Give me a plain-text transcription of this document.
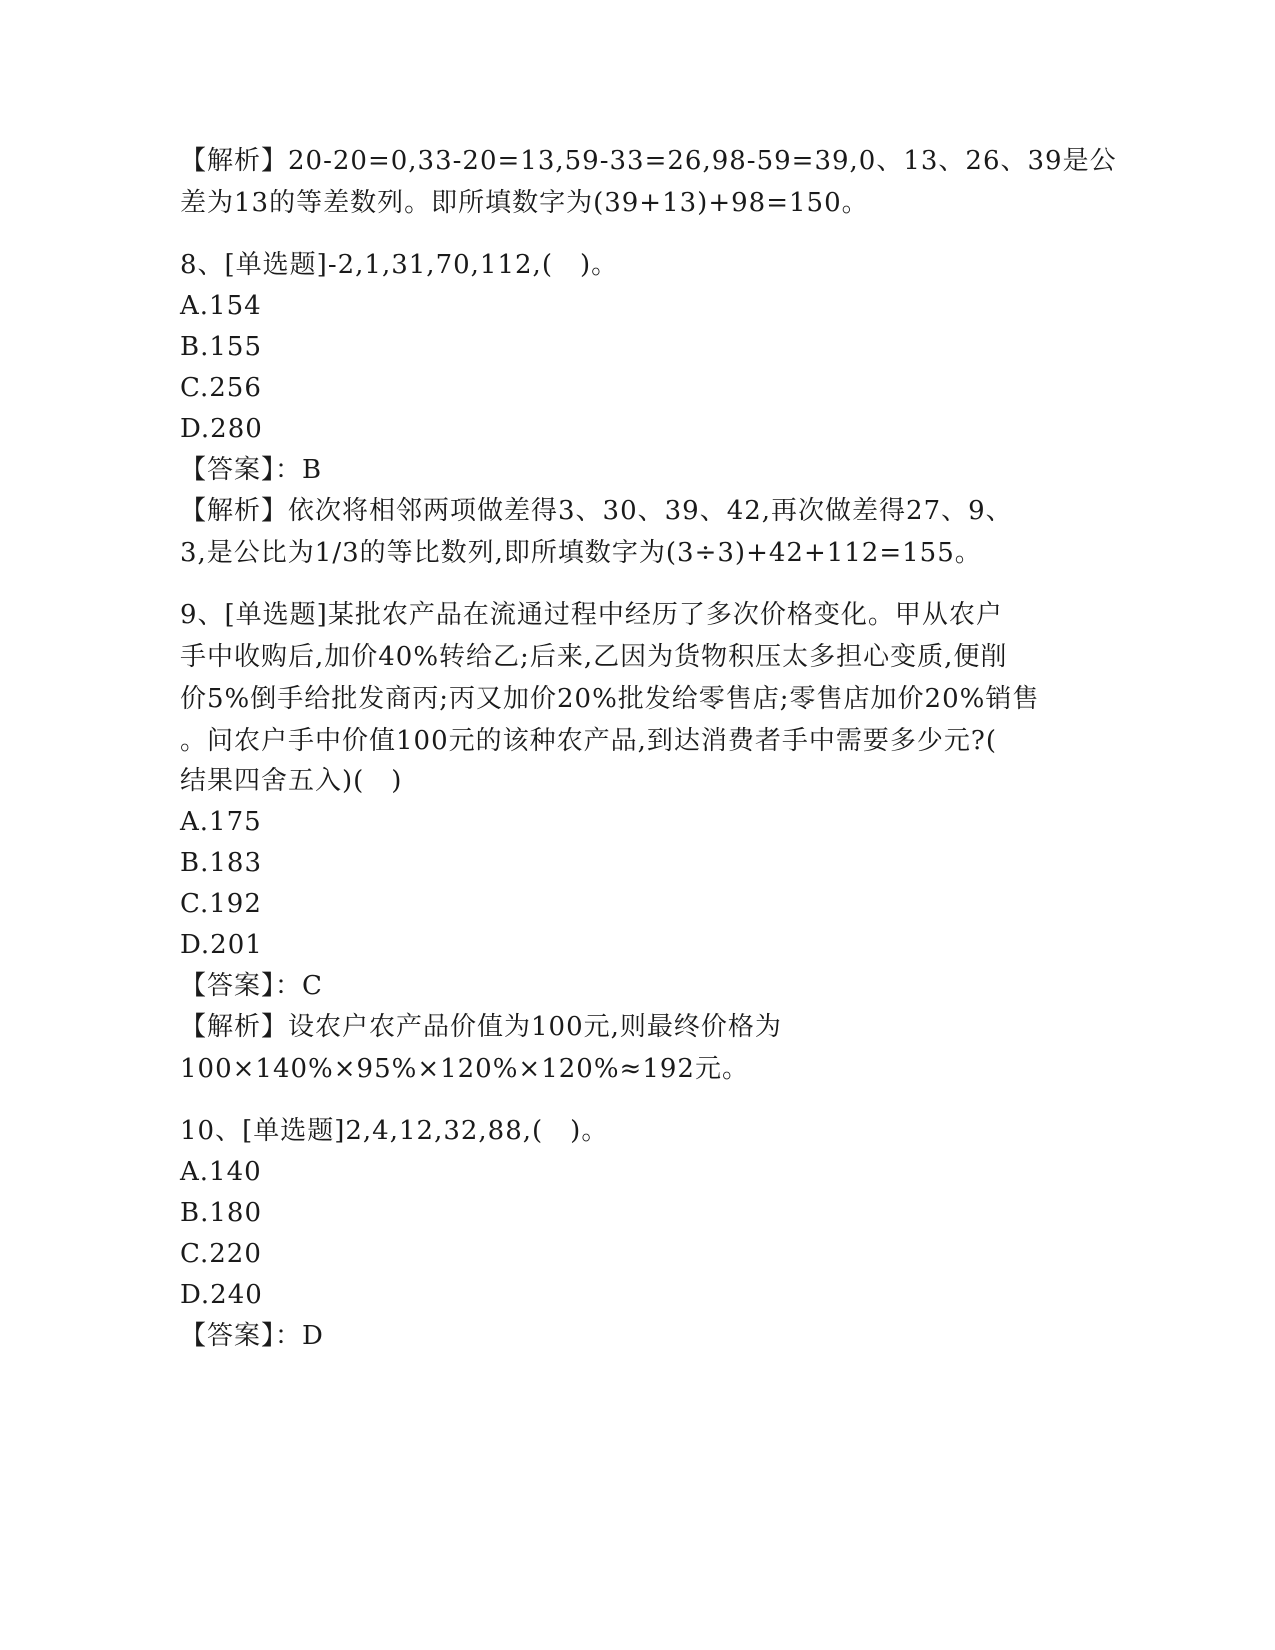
【解析】20-20=0,33-20=13,59-33=26,98-59=39,0、13、26、39是公
差为13的等差数列。即所填数字为(39+13)+98=150。
8、[单选题]-2,1,31,70,112,(　)。
A.154
B.155
C.256
D.280
【答案】：B
【解析】依次将相邻两项做差得3、30、39、42,再次做差得27、9、
3,是公比为1/3的等比数列,即所填数字为(3÷3)+42+112=155。
9、[单选题]某批农产品在流通过程中经历了多次价格变化。甲从农户
手中收购后,加价40%转给乙;后来,乙因为货物积压太多担心变质,便削
价5%倒手给批发商丙;丙又加价20%批发给零售店;零售店加价20%销售
。问农户手中价值100元的该种农产品,到达消费者手中需要多少元?(
结果四舍五入)(　)
A.175
B.183
C.192
D.201
【答案】：C
【解析】设农户农产品价值为100元,则最终价格为
100×140%×95%×120%×120%≈192元。
10、[单选题]2,4,12,32,88,(　)。
A.140
B.180
C.220
D.240
【答案】：D
